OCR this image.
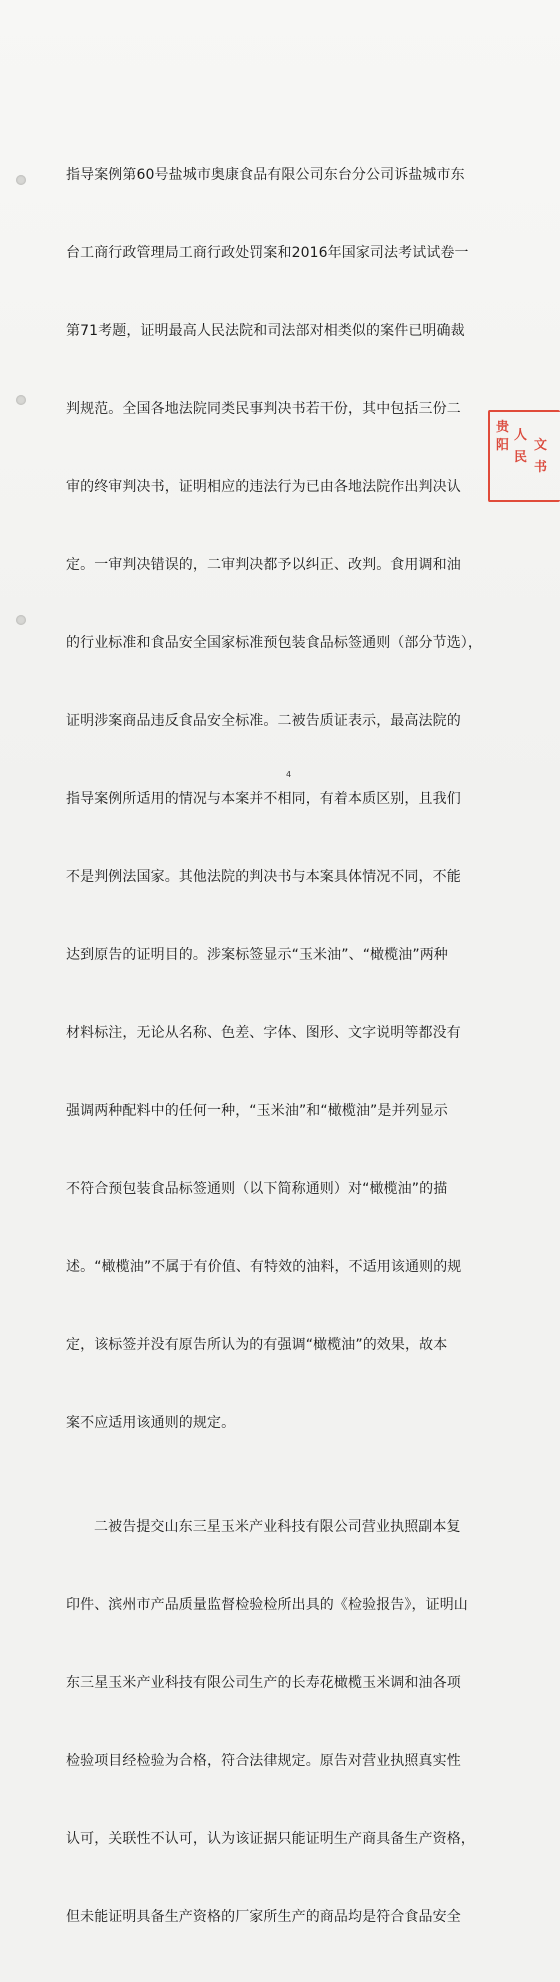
指导案例第60号盐城市奥康食品有限公司东台分公司诉盐城市东

台工商行政管理局工商行政处罚案和2016年国家司法考试试卷一

第71考题，证明最高人民法院和司法部对相类似的案件已明确裁

判规范。全国各地法院同类民事判决书若干份，其中包括三份二

审的终审判决书，证明相应的违法行为已由各地法院作出判决认

定。一审判决错误的，二审判决都予以纠正、改判。食用调和油

的行业标准和食品安全国家标准预包装食品标签通则（部分节选），

证明涉案商品违反食品安全标准。二被告质证表示，最高法院的

指导案例所适用的情况与本案并不相同，有着本质区别，且我们

不是判例法国家。其他法院的判决书与本案具体情况不同，不能

达到原告的证明目的。涉案标签显示“玉米油”、“橄榄油”两种

材料标注，无论从名称、色差、字体、图形、文字说明等都没有

强调两种配料中的任何一种，“玉米油”和“橄榄油”是并列显示

不符合预包装食品标签通则（以下简称通则）对“橄榄油”的描

述。“橄榄油”不属于有价值、有特效的油料，不适用该通则的规

定，该标签并没有原告所认为的有强调“橄榄油”的效果，故本

案不应适用该通则的规定。

二被告提交山东三星玉米产业科技有限公司营业执照副本复

印件、滨州市产品质量监督检验检所出具的《检验报告》，证明山

东三星玉米产业科技有限公司生产的长寿花橄榄玉米调和油各项

检验项目经检验为合格，符合法律规定。原告对营业执照真实性

认可，关联性不认可，认为该证据只能证明生产商具备生产资格，

但未能证明具备生产资格的厂家所生产的商品均是符合食品安全

贵
阳
人
民
文
书
4
